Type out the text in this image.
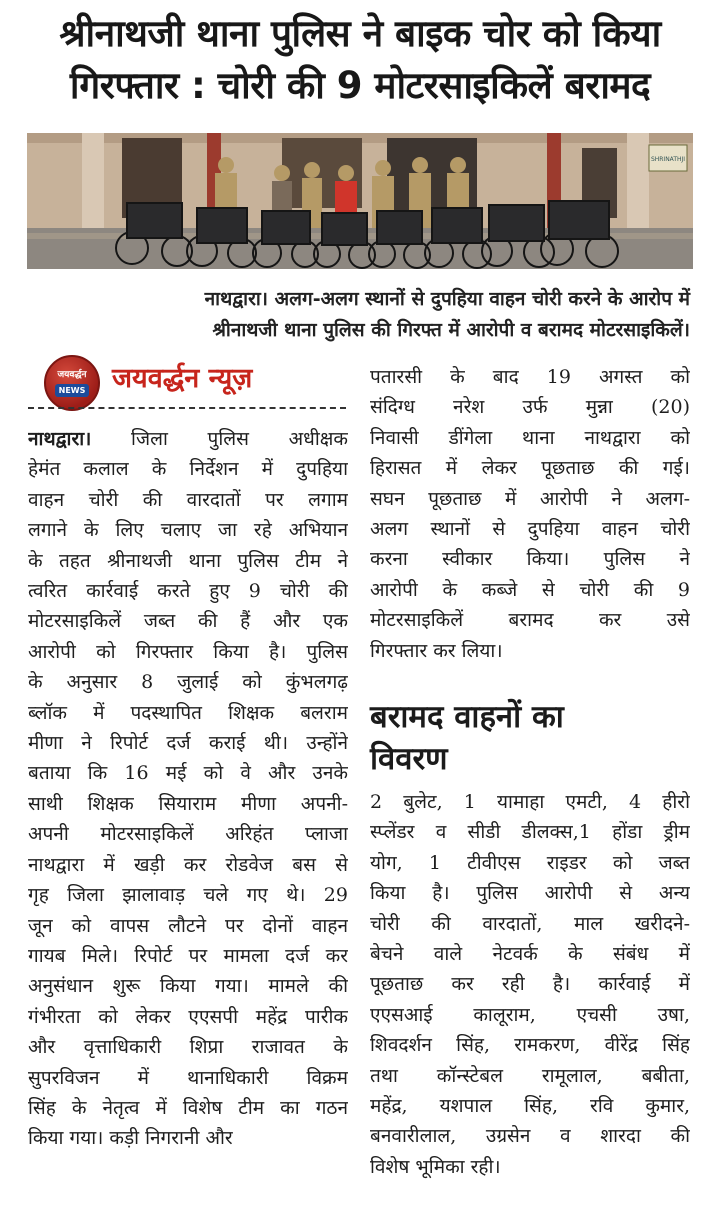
श्रीनाथजी थाना पुलिस ने बाइक चोर को किया
गिरफ्तार : चोरी की 9 मोटरसाइकिलें बरामद
SHRINATHJI
नाथद्वारा। अलग-अलग स्थानों से दुपहिया वाहन चोरी करने के आरोप में
श्रीनाथजी थाना पुलिस की गिरफ्त में आरोपी व बरामद मोटरसाइकिलें।
जयवर्द्धन
NEWS जयवर्द्धन न्यूज़
नाथद्वारा। जिला पुलिस अधीक्षक
हेमंत कलाल के निर्देशन में दुपहिया
वाहन चोरी की वारदातों पर लगाम
लगाने के लिए चलाए जा रहे अभियान
के तहत श्रीनाथजी थाना पुलिस टीम ने
त्वरित कार्रवाई करते हुए 9 चोरी की
मोटरसाइकिलें जब्त की हैं और एक
आरोपी को गिरफ्तार किया है। पुलिस
के अनुसार 8 जुलाई को कुंभलगढ़
ब्लॉक में पदस्थापित शिक्षक बलराम
मीणा ने रिपोर्ट दर्ज कराई थी। उन्होंने
बताया कि 16 मई को वे और उनके
साथी शिक्षक सियाराम मीणा अपनी-
अपनी मोटरसाइकिलें अरिहंत प्लाजा
नाथद्वारा में खड़ी कर रोडवेज बस से
गृह जिला झालावाड़ चले गए थे। 29
जून को वापस लौटने पर दोनों वाहन
गायब मिले। रिपोर्ट पर मामला दर्ज कर
अनुसंधान शुरू किया गया। मामले की
गंभीरता को लेकर एएसपी महेंद्र पारीक
और वृत्ताधिकारी शिप्रा राजावत के
सुपरविजन में थानाधिकारी विक्रम
सिंह के नेतृत्व में विशेष टीम का गठन
किया गया। कड़ी निगरानी और
पतारसी के बाद 19 अगस्त को
संदिग्ध नरेश उर्फ मुन्ना (20)
निवासी डींगेला थाना नाथद्वारा को
हिरासत में लेकर पूछताछ की गई।
सघन पूछताछ में आरोपी ने अलग-
अलग स्थानों से दुपहिया वाहन चोरी
करना स्वीकार किया। पुलिस ने
आरोपी के कब्जे से चोरी की 9
मोटरसाइकिलें बरामद कर उसे
गिरफ्तार कर लिया।
बरामद वाहनों का
विवरण
2 बुलेट, 1 यामाहा एमटी, 4 हीरो
स्प्लेंडर व सीडी डीलक्स,1 होंडा ड्रीम
योग, 1 टीवीएस राइडर को जब्त
किया है। पुलिस आरोपी से अन्य
चोरी की वारदातों, माल खरीदने-
बेचने वाले नेटवर्क के संबंध में
पूछताछ कर रही है। कार्रवाई में
एएसआई कालूराम, एचसी उषा,
शिवदर्शन सिंह, रामकरण, वीरेंद्र सिंह
तथा कॉन्स्टेबल रामूलाल, बबीता,
महेंद्र, यशपाल सिंह, रवि कुमार,
बनवारीलाल, उग्रसेन व शारदा की
विशेष भूमिका रही।
